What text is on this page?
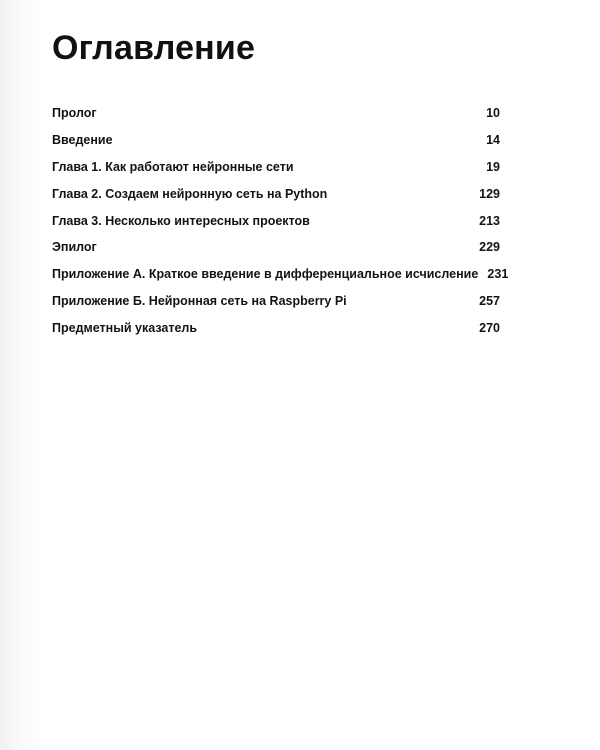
Оглавление
Пролог	10
Введение	14
Глава 1. Как работают нейронные сети	19
Глава 2. Создаем нейронную сеть на Python	129
Глава 3. Несколько интересных проектов	213
Эпилог	229
Приложение А. Краткое введение в дифференциальное исчисление 231
Приложение Б. Нейронная сеть на Raspberry Pi	257
Предметный указатель	270
